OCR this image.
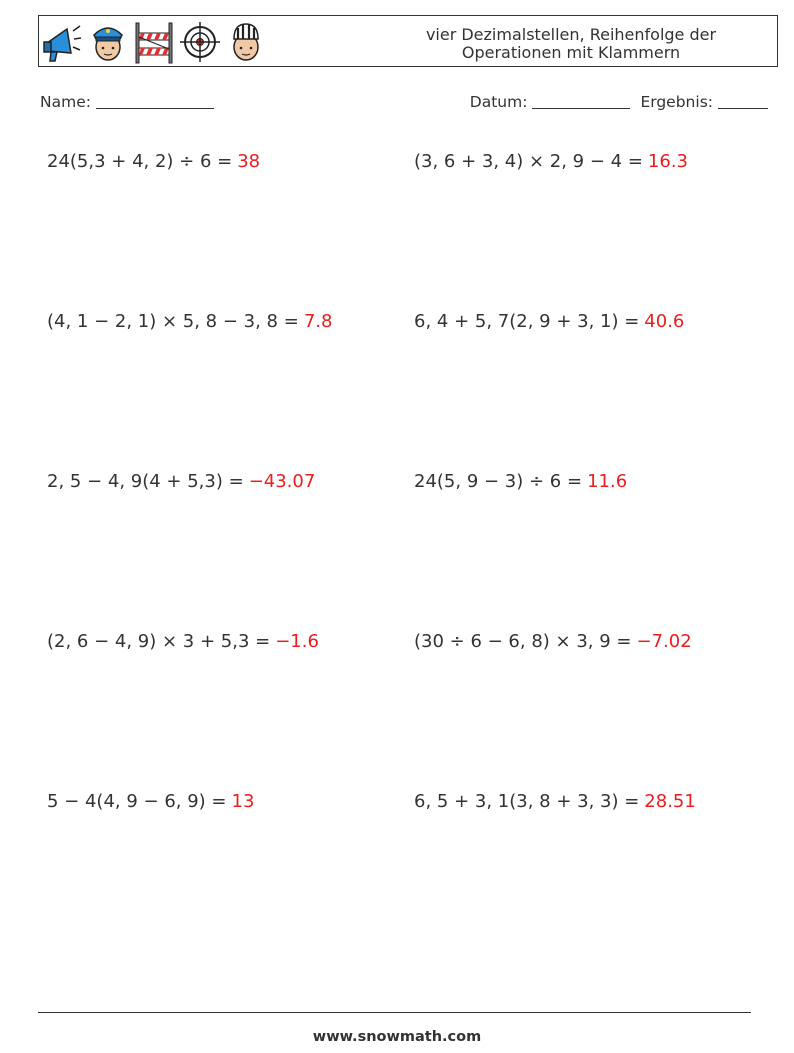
vier Dezimalstellen, Reihenfolge der
Operationen mit Klammern
Name:	Datum:	Ergebnis:
24(5,3 + 4, 2) ÷ 6 = 38	(3, 6 + 3, 4) × 2, 9 − 4 = 16.3
(4, 1 − 2, 1) × 5, 8 − 3, 8 = 7.8	6, 4 + 5, 7(2, 9 + 3, 1) = 40.6
2, 5 − 4, 9(4 + 5,3) = −43.07	24(5, 9 − 3) ÷ 6 = 11.6
(2, 6 − 4, 9) × 3 + 5,3 = −1.6	(30 ÷ 6 − 6, 8) × 3, 9 = −7.02
5 − 4(4, 9 − 6, 9) = 13	6, 5 + 3, 1(3, 8 + 3, 3) = 28.51
www.snowmath.com
